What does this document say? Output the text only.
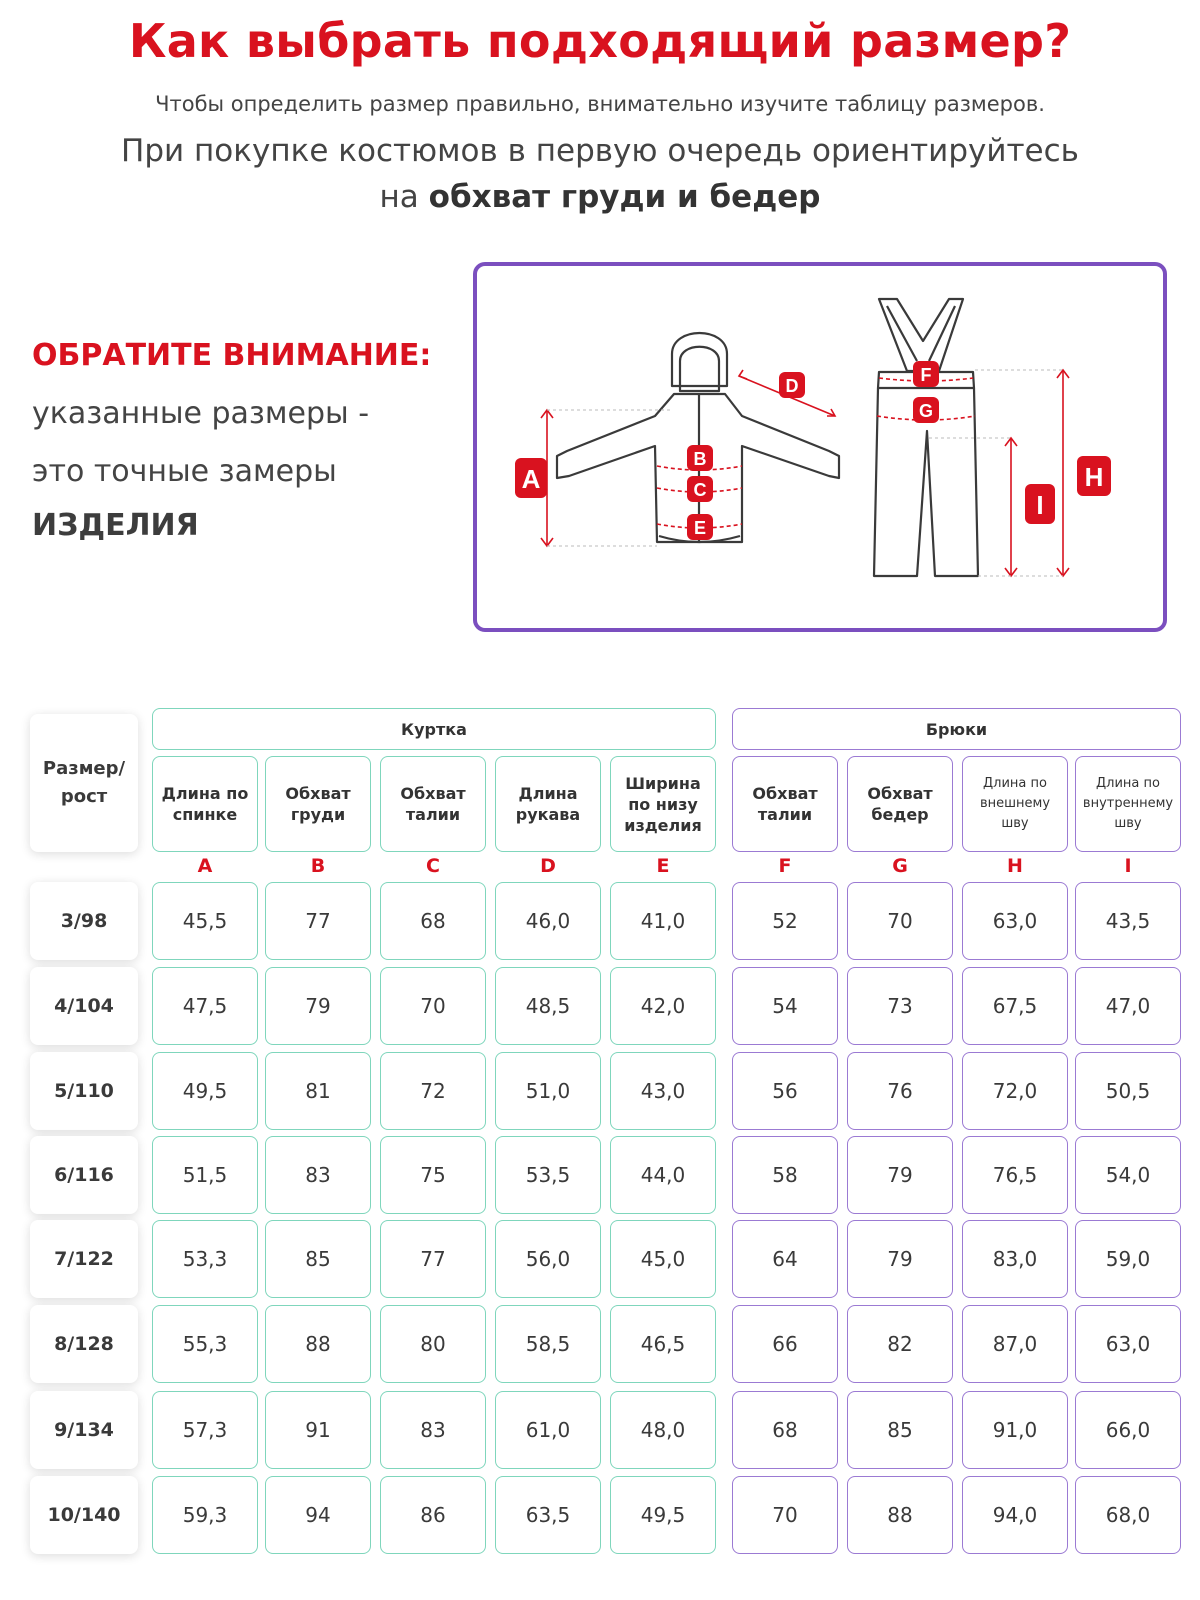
Как выбрать подходящий размер?
Чтобы определить размер правильно, внимательно изучите таблицу размеров.
При покупке костюмов в первую очередь ориентируйтесь
на обхват груди и бедер
ОБРАТИТЕ ВНИМАНИЕ:
указанные размеры -
это точные замеры
ИЗДЕЛИЯ
A
B
C
D
E
F
G
H
I
Размер/ рост
Куртка	Брюки
Длина по спинке
A
Обхват груди
B
Обхват талии
C
Длина рукава
D
Ширина по низу изделия
E
Обхват талии
F
Обхват бедер
G
Длина по внешнему шву
H
Длина по внутреннему шву
I
3/98	45,5	77	68	46,0	41,0	52	70	63,0	43,5
4/104	47,5	79	70	48,5	42,0	54	73	67,5	47,0
5/110	49,5	81	72	51,0	43,0	56	76	72,0	50,5
6/116	51,5	83	75	53,5	44,0	58	79	76,5	54,0
7/122	53,3	85	77	56,0	45,0	64	79	83,0	59,0
8/128	55,3	88	80	58,5	46,5	66	82	87,0	63,0
9/134	57,3	91	83	61,0	48,0	68	85	91,0	66,0
10/140	59,3	94	86	63,5	49,5	70	88	94,0	68,0
